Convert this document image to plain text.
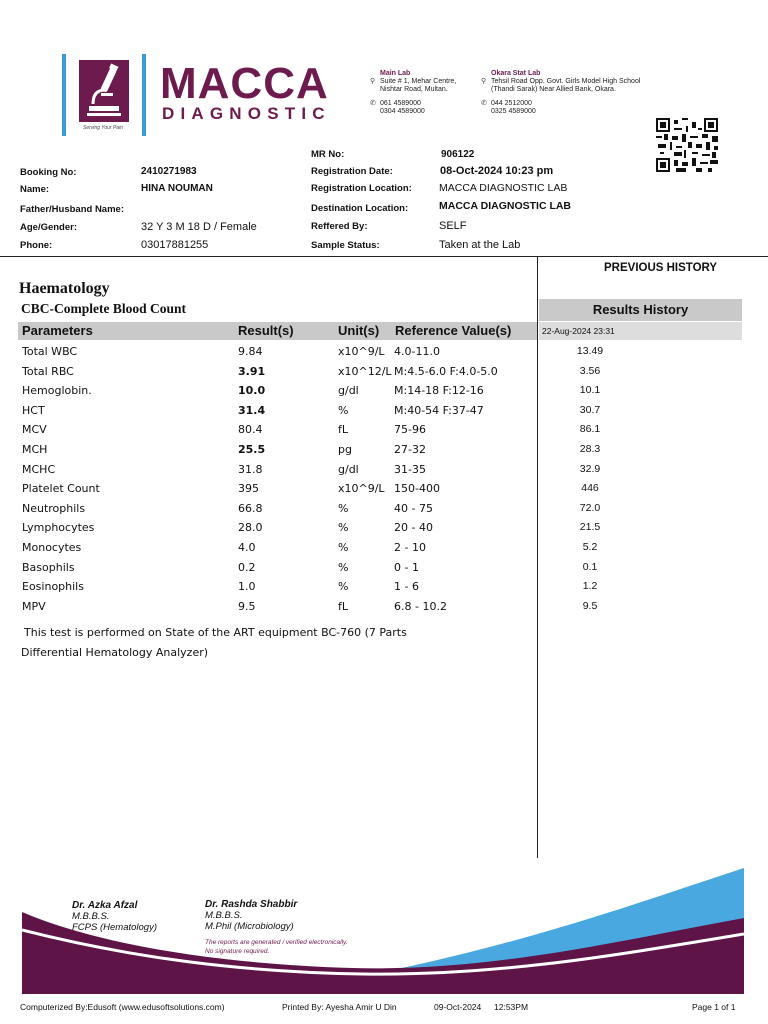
Serving Your Pain
MACCA
DIAGNOSTIC
Main Lab
⚲ Suite # 1, Mehar Centre,
Nishtar Road, Multan.
✆ 061 4589000
0304 4589000
Okara Stat Lab
⚲ Tehsil Road Opp. Govt. Girls Model High School
(Thandi Sarak) Near Allied Bank, Okara.
✆ 044 2512000
0325 4589000
MR No:	906122
Booking No:	2410271983	Registration Date:	08-Oct-2024 10:23 pm
Name:	HINA NOUMAN	Registration Location:	MACCA DIAGNOSTIC LAB
Father/Husband Name:	Destination Location:	MACCA DIAGNOSTIC LAB
Age/Gender:	32 Y 3 M 18 D / Female	Reffered By:	SELF
Phone:	03017881255	Sample Status:	Taken at the Lab
PREVIOUS HISTORY
Haematology
CBC-Complete Blood Count	Results History
Parameters	Result(s)	Unit(s) Reference Value(s)	22-Aug-2024 23:31
Total WBC	9.84	x10^9/L 4.0-11.0	13.49
Total RBC	3.91	x10^12/L M:4.5-6.0 F:4.0-5.0	3.56
Hemoglobin.	10.0	g/dl	M:14-18 F:12-16	10.1
HCT	31.4	%	M:40-54 F:37-47	30.7
MCV	80.4	fL	75-96	86.1
MCH	25.5	pg	27-32	28.3
MCHC	31.8	g/dl	31-35	32.9
Platelet Count	395	x10^9/L 150-400	446
Neutrophils	66.8	%	40 - 75	72.0
Lymphocytes	28.0	%	20 - 40	21.5
Monocytes	4.0	%	2 - 10	5.2
Basophils	0.2	%	0 - 1	0.1
Eosinophils	1.0	%	1 - 6	1.2
MPV	9.5	fL	6.8 - 10.2	9.5
This test is performed on State of the ART equipment BC-760 (7 Parts
Differential Hematology Analyzer)
Dr. Azka Afzal
M.B.B.S.
FCPS (Hematology)
Dr. Rashda Shabbir
M.B.B.S.
M.Phil (Microbiology)
The reports are generated / verified electronically.
No signature required.
Computerized By:Edusoft (www.edusoftsolutions.com)	Printed By: Ayesha Amir U Din	09-Oct-2024 12:53PM	Page 1 of 1
